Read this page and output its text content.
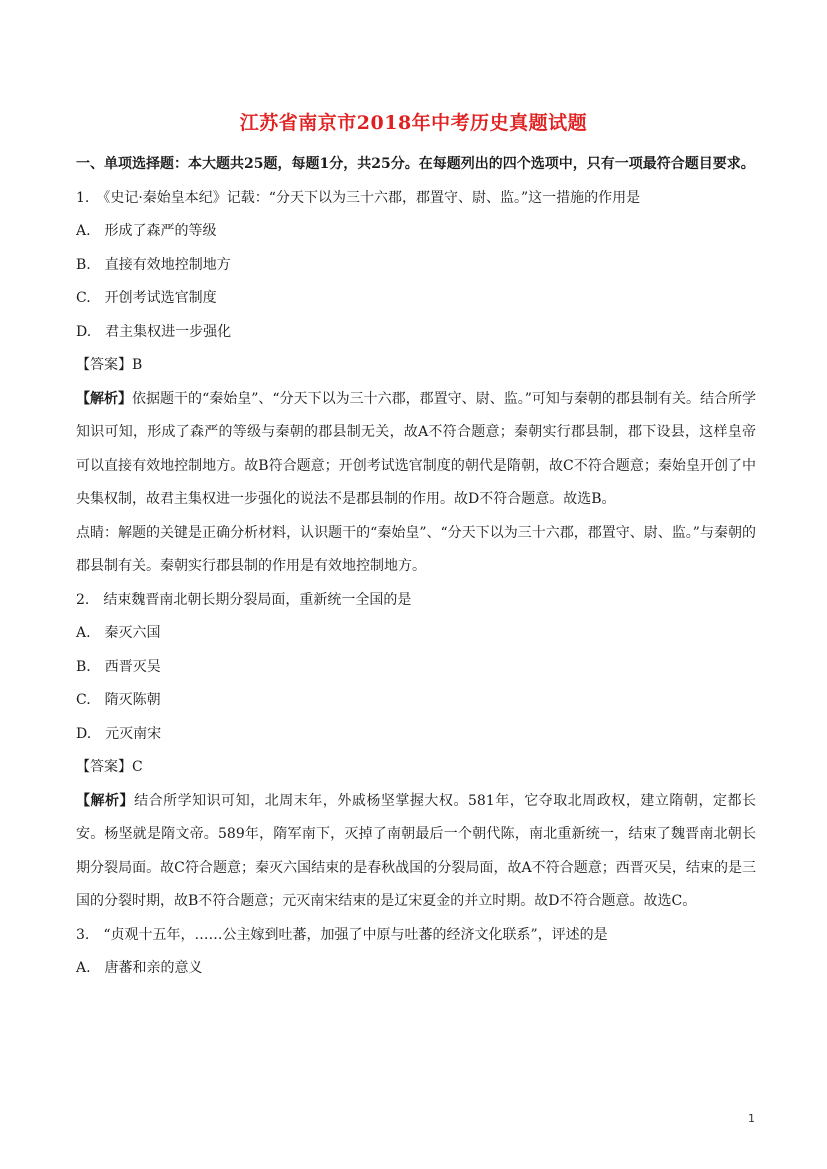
江苏省南京市2018年中考历史真题试题

一、单项选择题：本大题共25题，每题1分，共25分。在每题列出的四个选项中，只有一项最符合题目要求。

1.　《史记·秦始皇本纪》记载：“分天下以为三十六郡，郡置守、尉、监。”这一措施的作用是

A.　形成了森严的等级

B.　直接有效地控制地方

C.　开创考试选官制度

D.　君主集权进一步强化

【答案】B

【解析】依据题干的“秦始皇”、“分天下以为三十六郡，郡置守、尉、监。”可知与秦朝的郡县制有关。结合所学知识可知，形成了森严的等级与秦朝的郡县制无关，故A不符合题意；秦朝实行郡县制，郡下设县，这样皇帝可以直接有效地控制地方。故B符合题意；开创考试选官制度的朝代是隋朝，故C不符合题意；秦始皇开创了中央集权制，故君主集权进一步强化的说法不是郡县制的作用。故D不符合题意。故选B。

点睛：解题的关键是正确分析材料，认识题干的“秦始皇”、“分天下以为三十六郡，郡置守、尉、监。”与秦朝的郡县制有关。秦朝实行郡县制的作用是有效地控制地方。

2.　结束魏晋南北朝长期分裂局面，重新统一全国的是

A.　秦灭六国

B.　西晋灭吴

C.　隋灭陈朝

D.　元灭南宋

【答案】C

【解析】结合所学知识可知，北周末年，外戚杨坚掌握大权。581年，它夺取北周政权，建立隋朝，定都长安。杨坚就是隋文帝。589年，隋军南下，灭掉了南朝最后一个朝代陈，南北重新统一，结束了魏晋南北朝长期分裂局面。故C符合题意；秦灭六国结束的是春秋战国的分裂局面，故A不符合题意；西晋灭吴，结束的是三国的分裂时期，故B不符合题意；元灭南宋结束的是辽宋夏金的并立时期。故D不符合题意。故选C。

3.　“贞观十五年，……公主嫁到吐蕃，加强了中原与吐蕃的经济文化联系”，评述的是

A.　唐蕃和亲的意义

1
